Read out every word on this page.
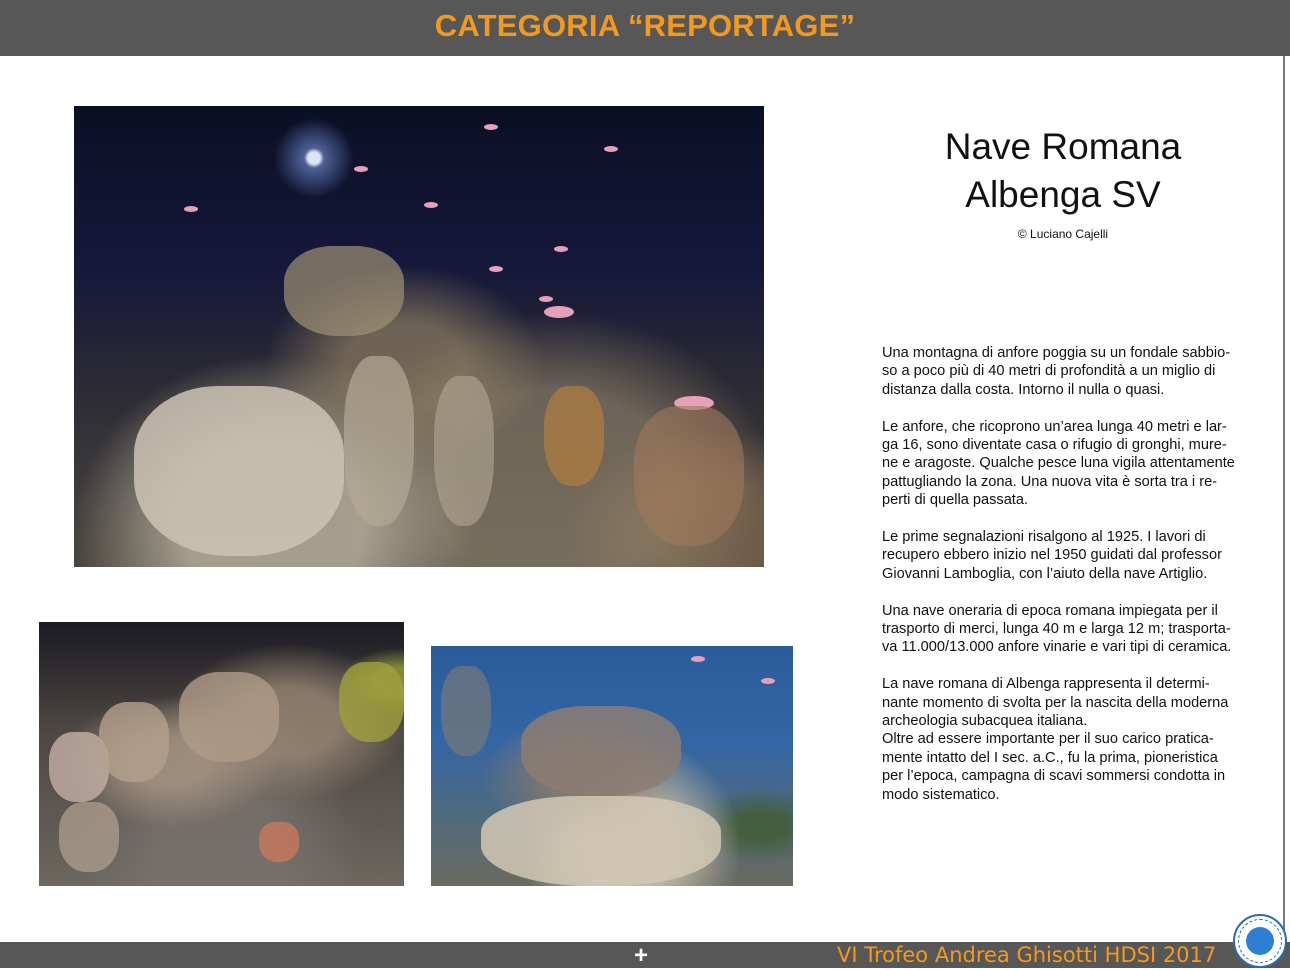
CATEGORIA “REPORTAGE”
Nave Romana
Albenga SV
© Luciano Cajelli

Una montagna di anfore poggia su un fondale sabbio-
so a poco più di 40 metri di profondità a un miglio di
distanza dalla costa. Intorno il nulla o quasi.

Le anfore, che ricoprono un’area lunga 40 metri e lar-
ga 16, sono diventate casa o rifugio di gronghi, mure-
ne e aragoste. Qualche pesce luna vigila attentamente
pattugliando la zona. Una nuova vita è sorta tra i re-
perti di quella passata.

Le prime segnalazioni risalgono al 1925. I lavori di
recupero ebbero inizio nel 1950 guidati dal professor
Giovanni Lamboglia, con l’aiuto della nave Artiglio.

Una nave oneraria di epoca romana impiegata per il
trasporto di merci, lunga 40 m e larga 12 m; trasporta-
va 11.000/13.000 anfore vinarie e vari tipi di ceramica.

La nave romana di Albenga rappresenta il determi-
nante momento di svolta per la nascita della moderna
archeologia subacquea italiana.
Oltre ad essere importante per il suo carico pratica-
mente intatto del I sec. a.C., fu la prima, pioneristica
per l’epoca, campagna di scavi sommersi condotta in
modo sistematico.

+	VI Trofeo Andrea Ghisotti HDSI 2017
